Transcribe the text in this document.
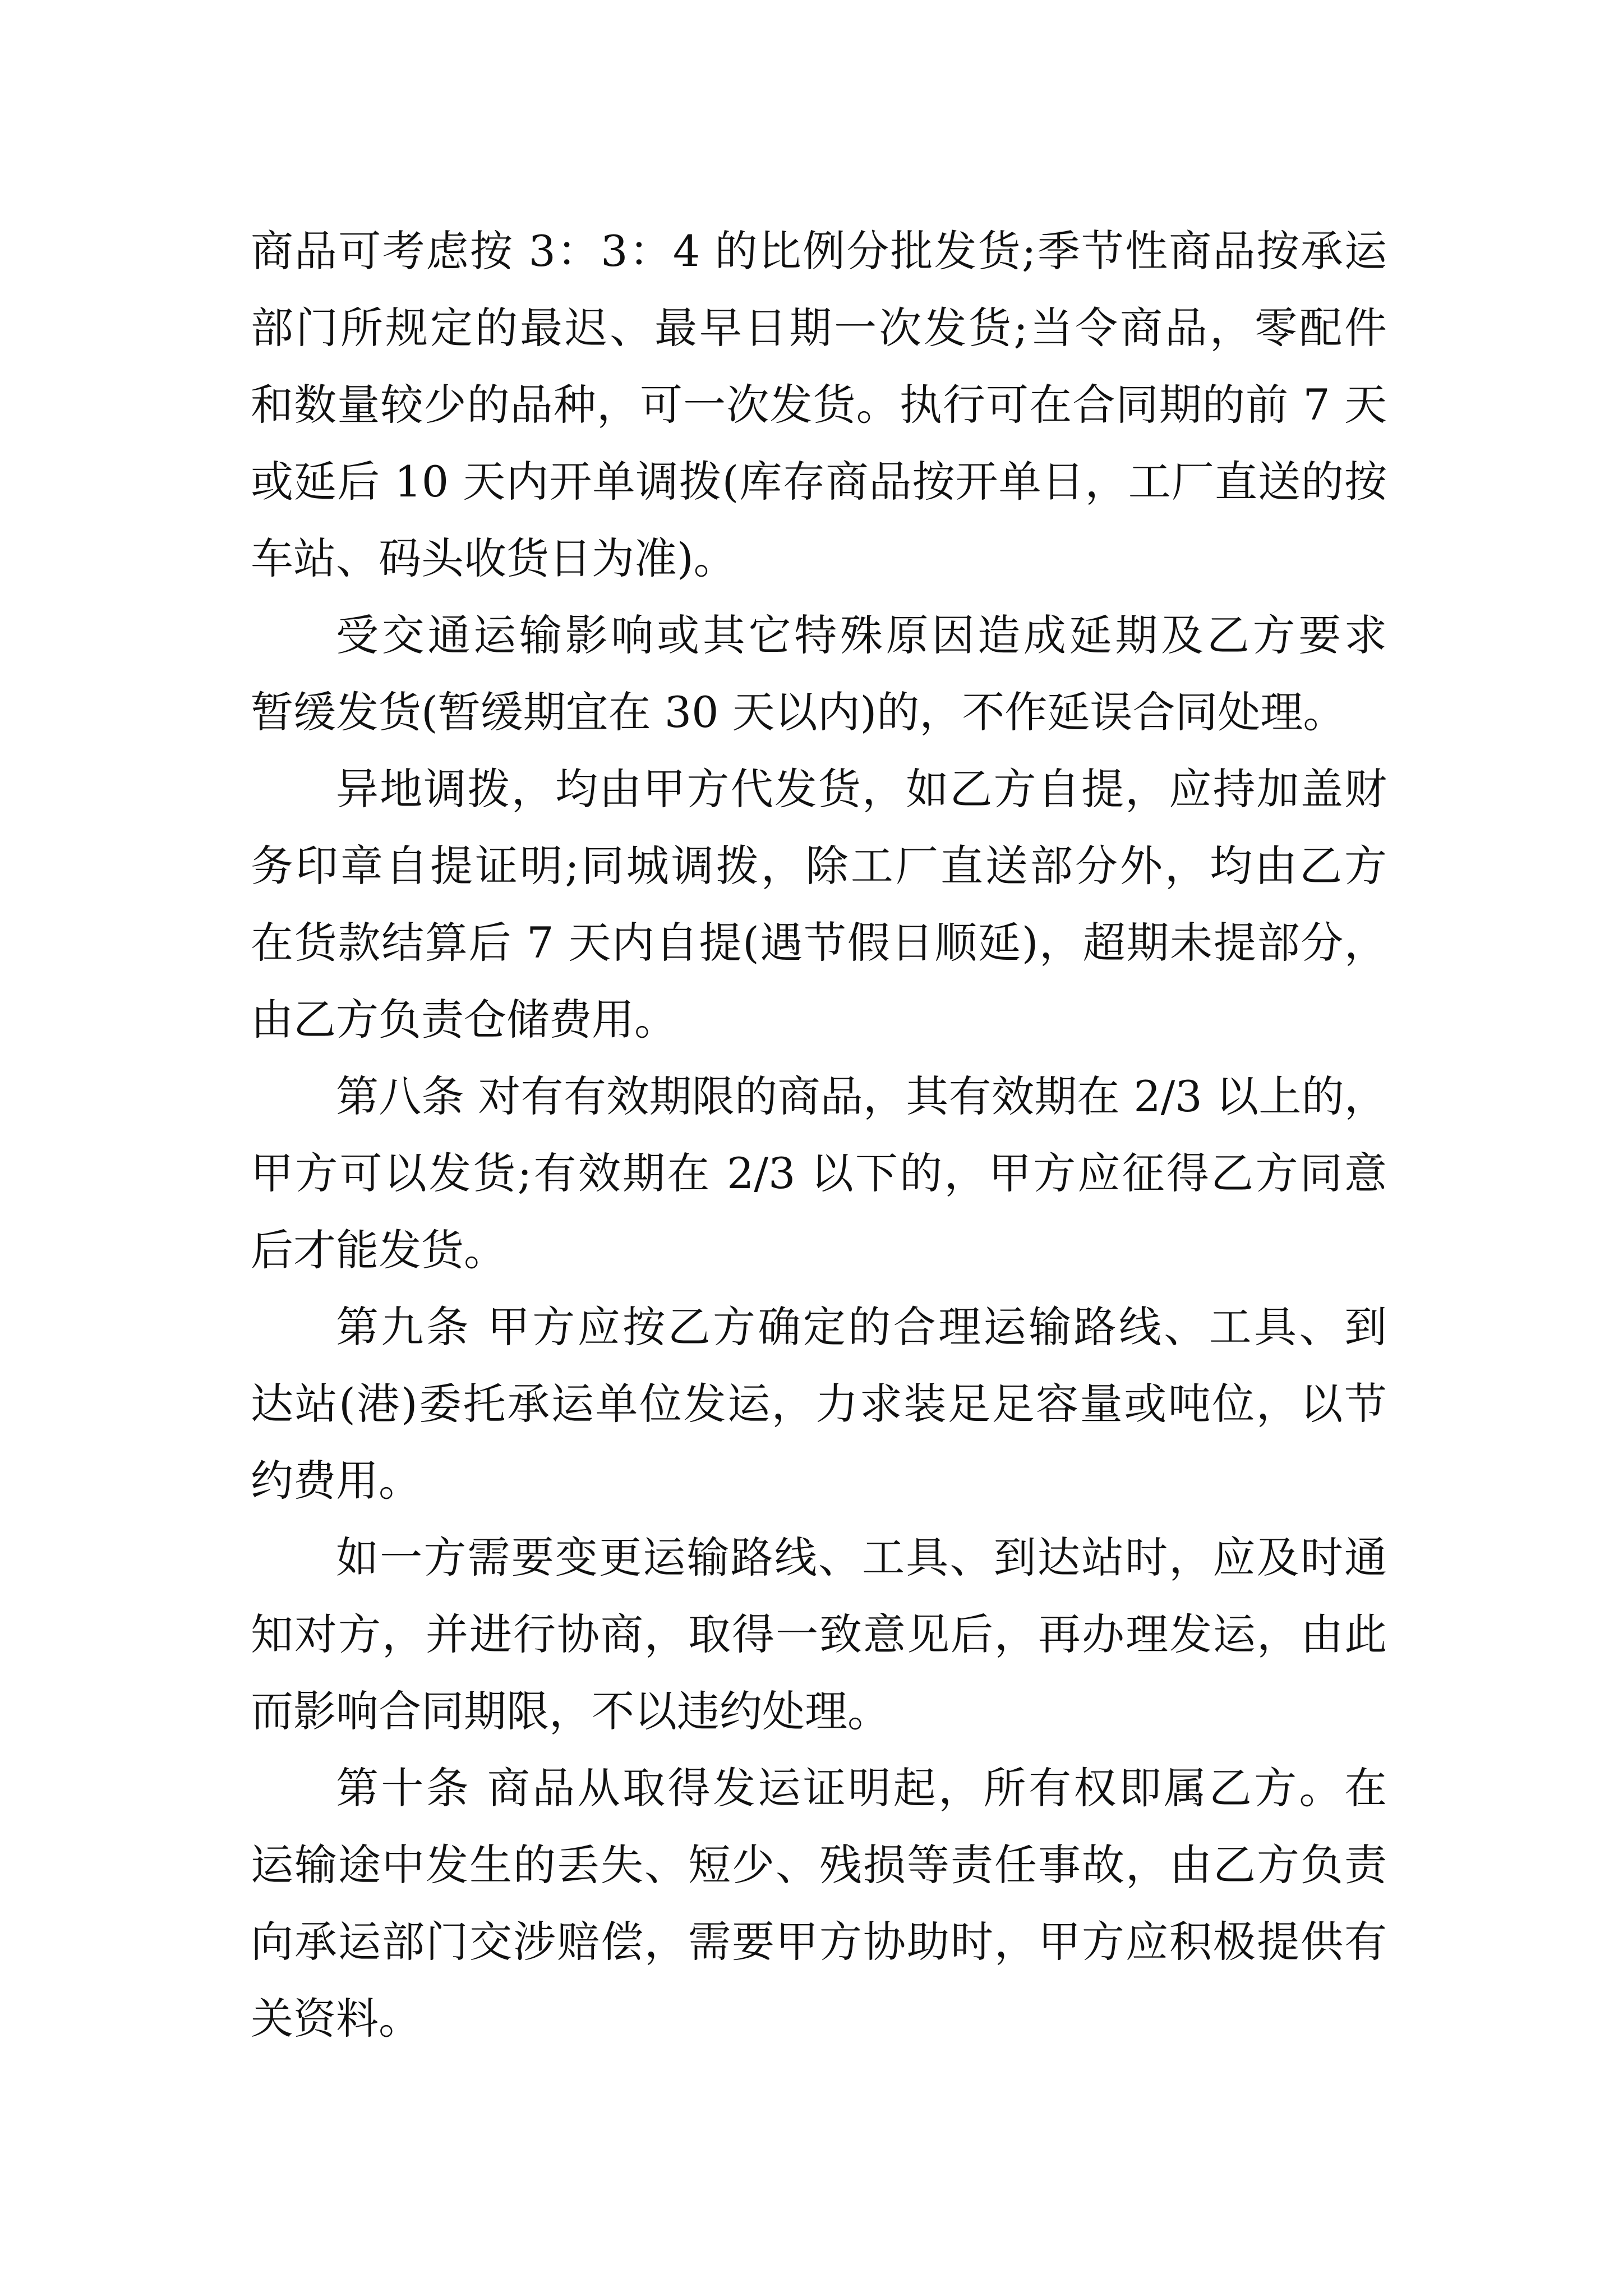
商品可考虑按 3：3：4 的比例分批发货;季节性商品按承运
部门所规定的最迟、最早日期一次发货;当令商品，零配件
和数量较少的品种，可一次发货。执行可在合同期的前 7 天
或延后 10 天内开单调拨(库存商品按开单日，工厂直送的按
车站、码头收货日为准)。
受交通运输影响或其它特殊原因造成延期及乙方要求
暂缓发货(暂缓期宜在 30 天以内)的，不作延误合同处理。
异地调拨，均由甲方代发货，如乙方自提，应持加盖财
务印章自提证明;同城调拨，除工厂直送部分外，均由乙方
在货款结算后 7 天内自提(遇节假日顺延)，超期未提部分，
由乙方负责仓储费用。
第八条 对有有效期限的商品，其有效期在 2/3 以上的，
甲方可以发货;有效期在 2/3 以下的，甲方应征得乙方同意
后才能发货。
第九条 甲方应按乙方确定的合理运输路线、工具、到
达站(港)委托承运单位发运，力求装足足容量或吨位，以节
约费用。
如一方需要变更运输路线、工具、到达站时，应及时通
知对方，并进行协商，取得一致意见后，再办理发运，由此
而影响合同期限，不以违约处理。
第十条 商品从取得发运证明起，所有权即属乙方。在
运输途中发生的丢失、短少、残损等责任事故，由乙方负责
向承运部门交涉赔偿，需要甲方协助时，甲方应积极提供有
关资料。
